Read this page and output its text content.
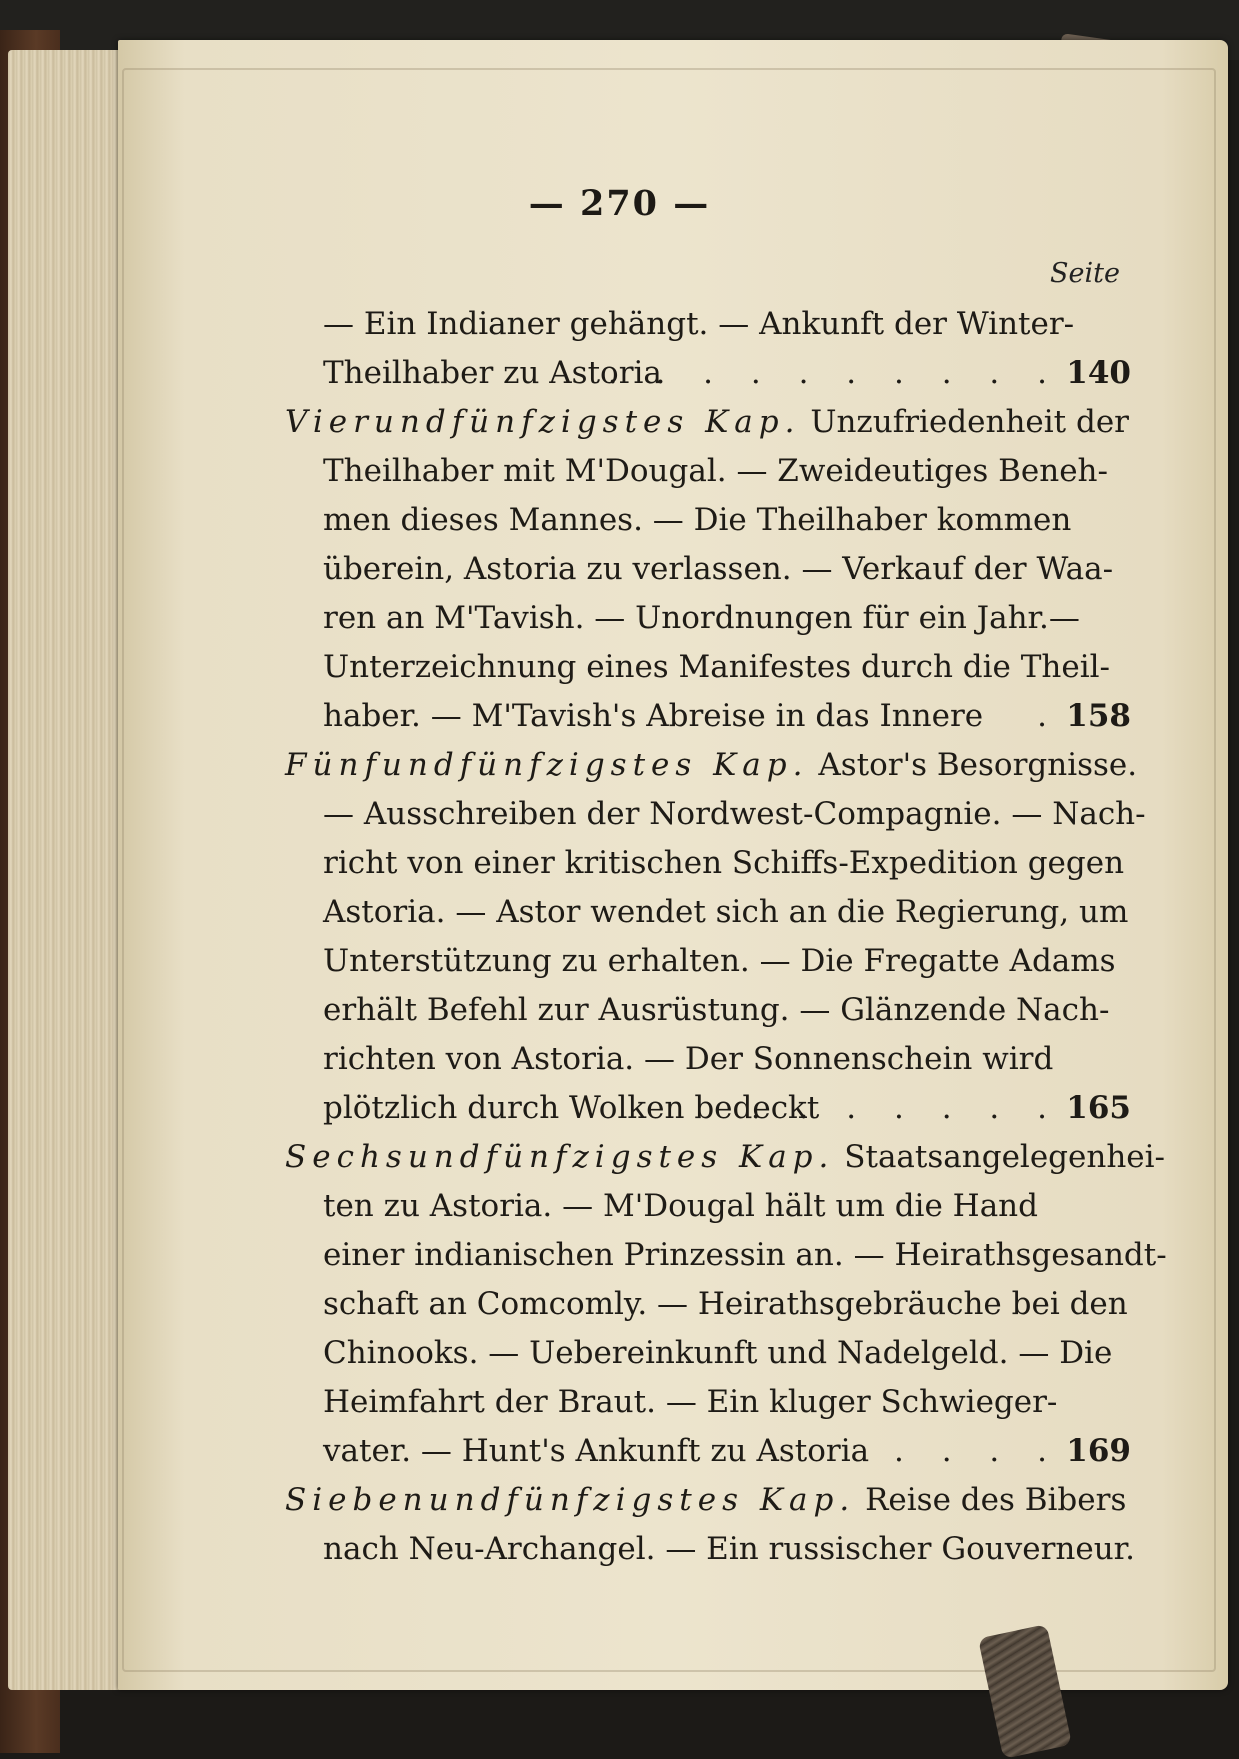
— 270 —
Seite
— Ein Indianer gehängt. — Ankunft der Winter-
Theilhaber zu Astoria
. . . . . . . . . . 140
Vierundfünfzigstes Kap. Unzufriedenheit der
Theilhaber mit M'Dougal. — Zweideutiges Beneh-
men dieses Mannes. — Die Theilhaber kommen
überein, Astoria zu verlassen. — Verkauf der Waa-
ren an M'Tavish. — Unordnungen für ein Jahr.—
Unterzeichnung eines Manifestes durch die Theil-
haber. — M'Tavish's Abreise in das Innere . 158
Fünfundfünfzigstes Kap. Astor's Besorgnisse.
— Ausschreiben der Nordwest-Compagnie. — Nach-
richt von einer kritischen Schiffs-Expedition gegen
Astoria. — Astor wendet sich an die Regierung, um
Unterstützung zu erhalten. — Die Fregatte Adams
erhält Befehl zur Ausrüstung. — Glänzende Nach-
richten von Astoria. — Der Sonnenschein wird
plötzlich durch Wolken bedeckt
. . . . . . . 165
Sechsundfünfzigstes Kap. Staatsangelegenhei-
ten zu Astoria. — M'Dougal hält um die Hand
einer indianischen Prinzessin an. — Heirathsgesandt-
schaft an Comcomly. — Heirathsgebräuche bei den
Chinooks. — Uebereinkunft und Nadelgeld. — Die
Heimfahrt der Braut. — Ein kluger Schwieger-
vater. — Hunt's Ankunft zu Astoria . . . . 169
Siebenundfünfzigstes Kap. Reise des Bibers
nach Neu-Archangel. — Ein russischer Gouverneur.
